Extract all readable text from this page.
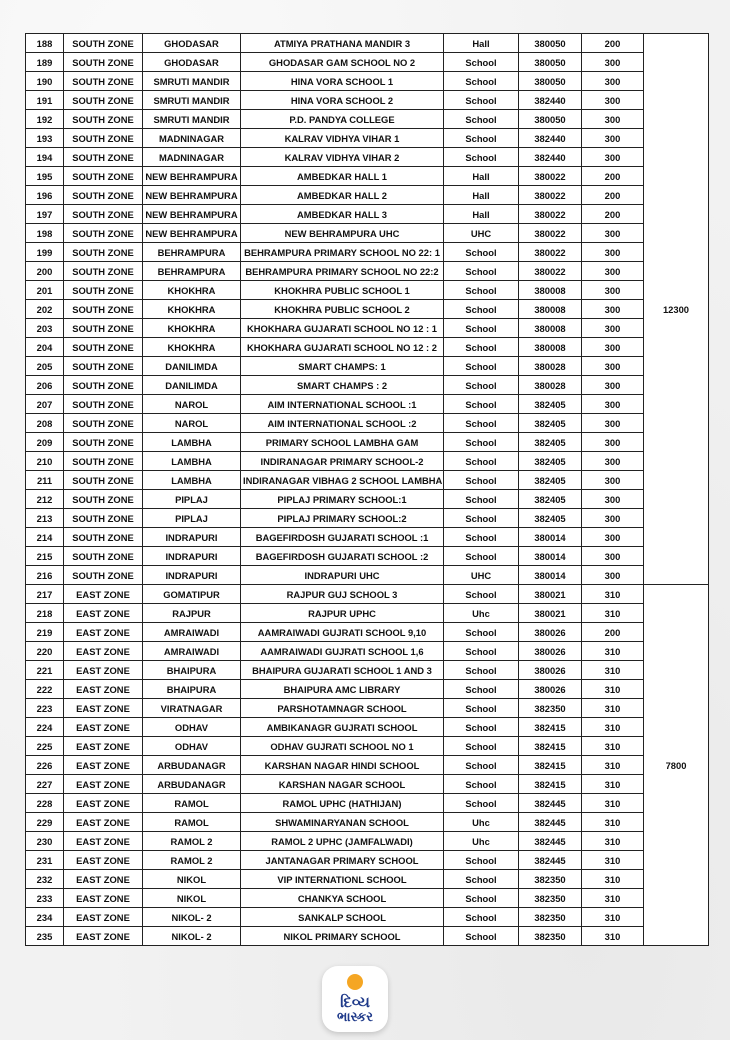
188	SOUTH ZONE	GHODASAR	ATMIYA PRATHANA MANDIR 3	Hall	380050	200	12300
189	SOUTH ZONE	GHODASAR	GHODASAR GAM SCHOOL NO 2	School	380050	300	
190	SOUTH ZONE	SMRUTI MANDIR	HINA VORA SCHOOL 1	School	380050	300	
191	SOUTH ZONE	SMRUTI MANDIR	HINA VORA SCHOOL 2	School	382440	300	
192	SOUTH ZONE	SMRUTI MANDIR	P.D. PANDYA COLLEGE	School	380050	300	
193	SOUTH ZONE	MADNINAGAR	KALRAV VIDHYA VIHAR 1	School	382440	300	
194	SOUTH ZONE	MADNINAGAR	KALRAV VIDHYA VIHAR 2	School	382440	300	
195	SOUTH ZONE	NEW BEHRAMPURA	AMBEDKAR HALL 1	Hall	380022	200	
196	SOUTH ZONE	NEW BEHRAMPURA	AMBEDKAR HALL 2	Hall	380022	200	
197	SOUTH ZONE	NEW BEHRAMPURA	AMBEDKAR HALL 3	Hall	380022	200	
198	SOUTH ZONE	NEW BEHRAMPURA	NEW BEHRAMPURA UHC	UHC	380022	300	
199	SOUTH ZONE	BEHRAMPURA	BEHRAMPURA PRIMARY SCHOOL NO 22: 1	School	380022	300	
200	SOUTH ZONE	BEHRAMPURA	BEHRAMPURA PRIMARY SCHOOL NO 22:2	School	380022	300	
201	SOUTH ZONE	KHOKHRA	KHOKHRA PUBLIC SCHOOL 1	School	380008	300	
202	SOUTH ZONE	KHOKHRA	KHOKHRA PUBLIC SCHOOL 2	School	380008	300	
203	SOUTH ZONE	KHOKHRA	KHOKHARA GUJARATI SCHOOL NO 12 : 1	School	380008	300	
204	SOUTH ZONE	KHOKHRA	KHOKHARA GUJARATI SCHOOL NO 12 : 2	School	380008	300	
205	SOUTH ZONE	DANILIMDA	SMART CHAMPS: 1	School	380028	300	
206	SOUTH ZONE	DANILIMDA	SMART CHAMPS : 2	School	380028	300	
207	SOUTH ZONE	NAROL	AIM INTERNATIONAL SCHOOL :1	School	382405	300	
208	SOUTH ZONE	NAROL	AIM INTERNATIONAL SCHOOL :2	School	382405	300	
209	SOUTH ZONE	LAMBHA	PRIMARY SCHOOL LAMBHA GAM	School	382405	300	
210	SOUTH ZONE	LAMBHA	INDIRANAGAR PRIMARY SCHOOL-2	School	382405	300	
211	SOUTH ZONE	LAMBHA	INDIRANAGAR VIBHAG 2 SCHOOL LAMBHA	School	382405	300	
212	SOUTH ZONE	PIPLAJ	PIPLAJ PRIMARY SCHOOL:1	School	382405	300	
213	SOUTH ZONE	PIPLAJ	PIPLAJ PRIMARY SCHOOL:2	School	382405	300	
214	SOUTH ZONE	INDRAPURI	BAGEFIRDOSH GUJARATI SCHOOL :1	School	380014	300	
215	SOUTH ZONE	INDRAPURI	BAGEFIRDOSH GUJARATI SCHOOL :2	School	380014	300	
216	SOUTH ZONE	INDRAPURI	INDRAPURI UHC	UHC	380014	300	
217	EAST ZONE	GOMATIPUR	RAJPUR GUJ SCHOOL 3	School	380021	310	7800
218	EAST ZONE	RAJPUR	RAJPUR UPHC	Uhc	380021	310	
219	EAST ZONE	AMRAIWADI	AAMRAIWADI GUJRATI SCHOOL 9,10	School	380026	200	
220	EAST ZONE	AMRAIWADI	AAMRAIWADI GUJRATI SCHOOL 1,6	School	380026	310	
221	EAST ZONE	BHAIPURA	BHAIPURA GUJARATI SCHOOL 1 AND 3	School	380026	310	
222	EAST ZONE	BHAIPURA	BHAIPURA AMC LIBRARY	School	380026	310	
223	EAST ZONE	VIRATNAGAR	PARSHOTAMNAGR SCHOOL	School	382350	310	
224	EAST ZONE	ODHAV	AMBIKANAGR GUJRATI SCHOOL	School	382415	310	
225	EAST ZONE	ODHAV	ODHAV GUJRATI SCHOOL NO 1	School	382415	310	
226	EAST ZONE	ARBUDANAGR	KARSHAN NAGAR HINDI SCHOOL	School	382415	310	
227	EAST ZONE	ARBUDANAGR	KARSHAN NAGAR SCHOOL	School	382415	310	
228	EAST ZONE	RAMOL	RAMOL UPHC (HATHIJAN)	School	382445	310	
229	EAST ZONE	RAMOL	SHWAMINARYANAN SCHOOL	Uhc	382445	310	
230	EAST ZONE	RAMOL 2	RAMOL 2 UPHC (JAMFALWADI)	Uhc	382445	310	
231	EAST ZONE	RAMOL 2	JANTANAGAR PRIMARY SCHOOL	School	382445	310	
232	EAST ZONE	NIKOL	VIP INTERNATIONL SCHOOL	School	382350	310	
233	EAST ZONE	NIKOL	CHANKYA SCHOOL	School	382350	310	
234	EAST ZONE	NIKOL- 2	SANKALP SCHOOL	School	382350	310	
235	EAST ZONE	NIKOL- 2	NIKOL PRIMARY SCHOOL	School	382350	310	
દિવ્ય
ભાસ્કર
